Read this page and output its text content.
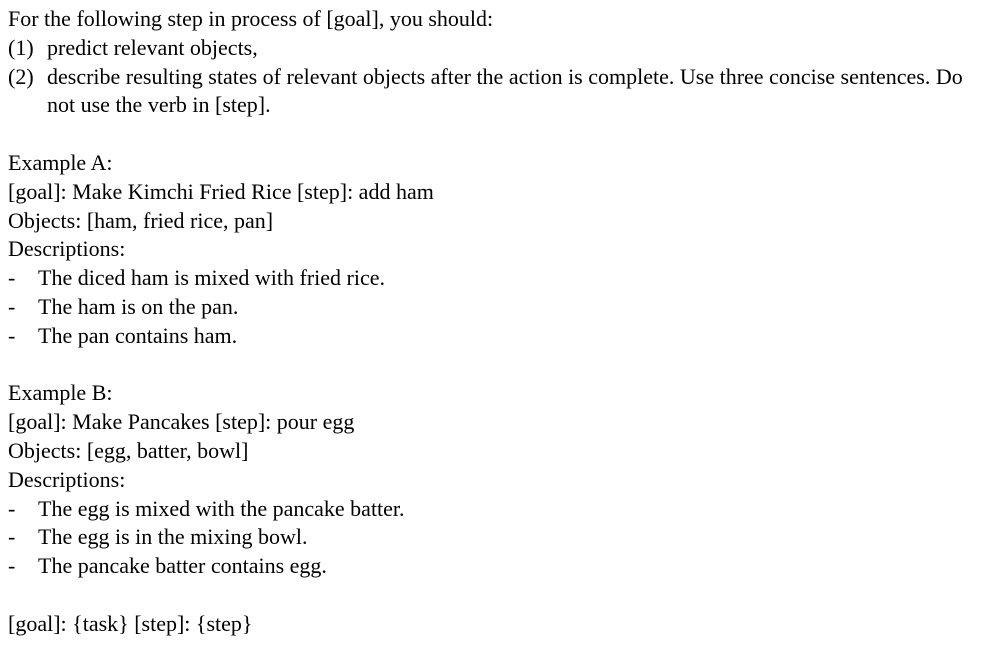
For the following step in process of [goal], you should:
(1) predict relevant objects,
(2) describe resulting states of relevant objects after the action is complete. Use three concise sentences. Do not use the verb in [step].
Example A:
[goal]: Make Kimchi Fried Rice [step]: add ham
Objects: [ham, fried rice, pan]
Descriptions:
-	The diced ham is mixed with fried rice.
-	The ham is on the pan.
-	The pan contains ham.
Example B:
[goal]: Make Pancakes [step]: pour egg
Objects: [egg, batter, bowl]
Descriptions:
-	The egg is mixed with the pancake batter.
-	The egg is in the mixing bowl.
-	The pancake batter contains egg.
[goal]: {task} [step]: {step}
